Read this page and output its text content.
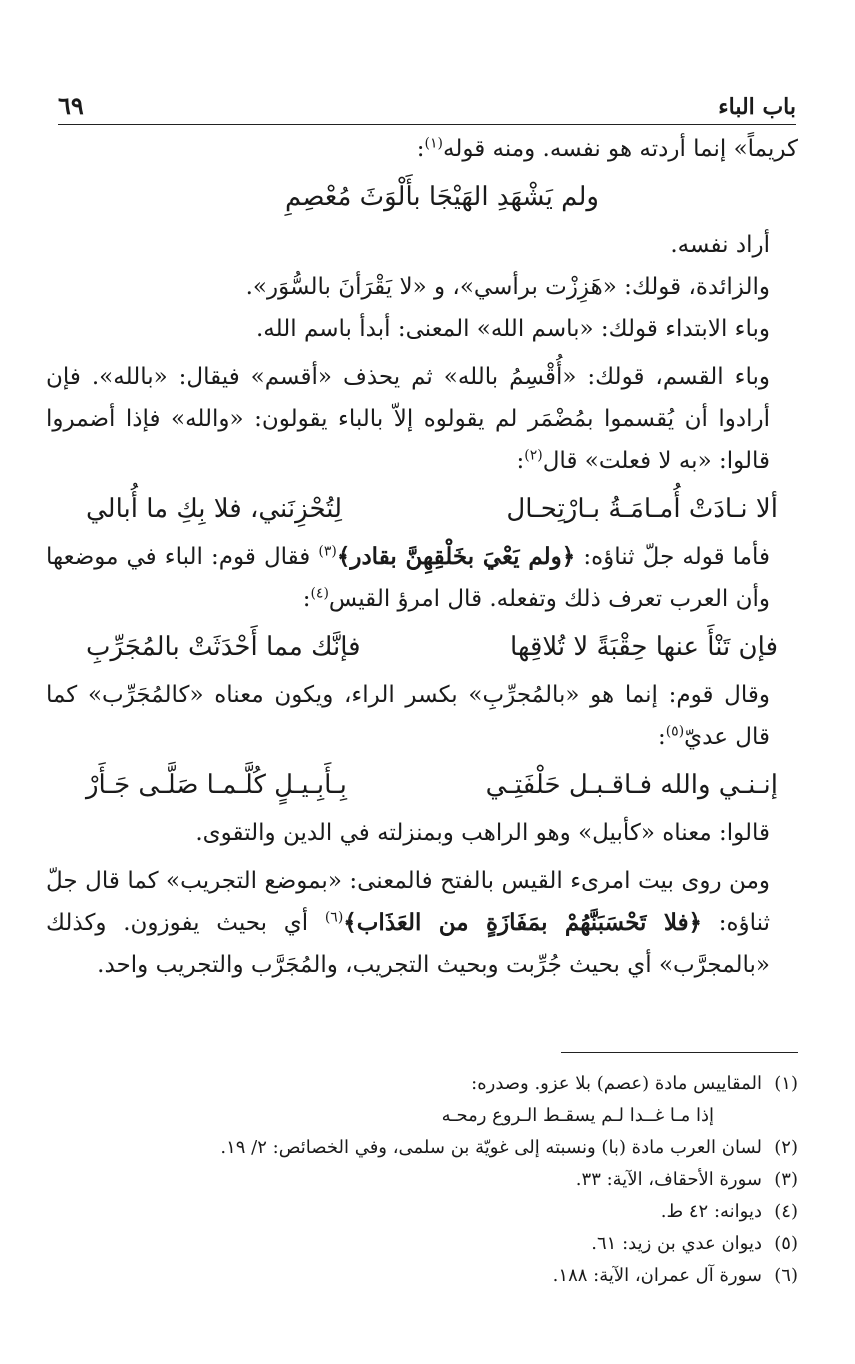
باب الباء
٦٩

كريماً» إنما أردته هو نفسه. ومنه قوله$^{(١)}$:

ولم يَشْهَدِ الهَيْجَا بأَلْوَثَ مُعْصِمِ

أراد نفسه.

والزائدة، قولك: «هَزِزْت برأسي»، و «لا يَقْرَأنَ بالسُّوَر».

وباء الابتداء قولك: «باسم الله» المعنى: أبدأ باسم الله.

وباء القسم، قولك: «أُقْسِمُ بالله» ثم يحذف «أقسم» فيقال: «بالله». فإن أرادوا أن يُقسموا بمُضْمَر لم يقولوه إلاّ بالباء يقولون: «والله» فإذا أضمروا قالوا: «به لا فعلت» قال$^{(٢)}$:

ألا نـادَتْ أُمـامَـةُ بـارْتِحـال
لِتُحْزِنَني، فلا بِكِ ما أُبالي

فأما قوله جلّ ثناؤه: ﴿ولم يَعْيَ بخَلْقِهِنَّ بقادر﴾$^{(٣)}$ فقال قوم: الباء في موضعها وأن العرب تعرف ذلك وتفعله. قال امرؤ القيس$^{(٤)}$:

فإن تَنْأَ عنها حِقْبَةً لا تُلاقِها
فإنَّك مما أَحْدَثَتْ بالمُجَرِّبِ

وقال قوم: إنما هو «بالمُجرِّبِ» بكسر الراء، ويكون معناه «كالمُجَرِّب» كما قال عديّ$^{(٥)}$:

إنـنـي والله فـاقـبـل حَلْفَتِـي
بِـأَبِـيـلٍ كُلَّـمـا صَلَّـى جَـأَرْ

قالوا: معناه «كأبيل» وهو الراهب وبمنزلته في الدين والتقوى.

ومن روى بيت امرىء القيس بالفتح فالمعنى: «بموضع التجريب» كما قال جلّ ثناؤه: ﴿فلا تَحْسَبَنَّهُمْ بمَفَازَةٍ من العَذَاب﴾$^{(٦)}$ أي بحيث يفوزون. وكذلك «بالمجرَّب» أي بحيث جُرِّبت وبحيث التجريب، والمُجَرَّب والتجريب واحد.

(١)
المقاييس مادة (عصم) بلا عزو. وصدره:
إذا مـا غــدا لـم يسقـط الـروع رمحـه
(٢)
لسان العرب مادة (با) ونسبته إلى غويّة بن سلمى، وفي الخصائص: ٢/ ١٩.
(٣)
سورة الأحقاف، الآية: ٣٣.
(٤)
ديوانه: ٤٢ ط.
(٥)
ديوان عدي بن زيد: ٦١.
(٦)
سورة آل عمران، الآية: ١٨٨.
